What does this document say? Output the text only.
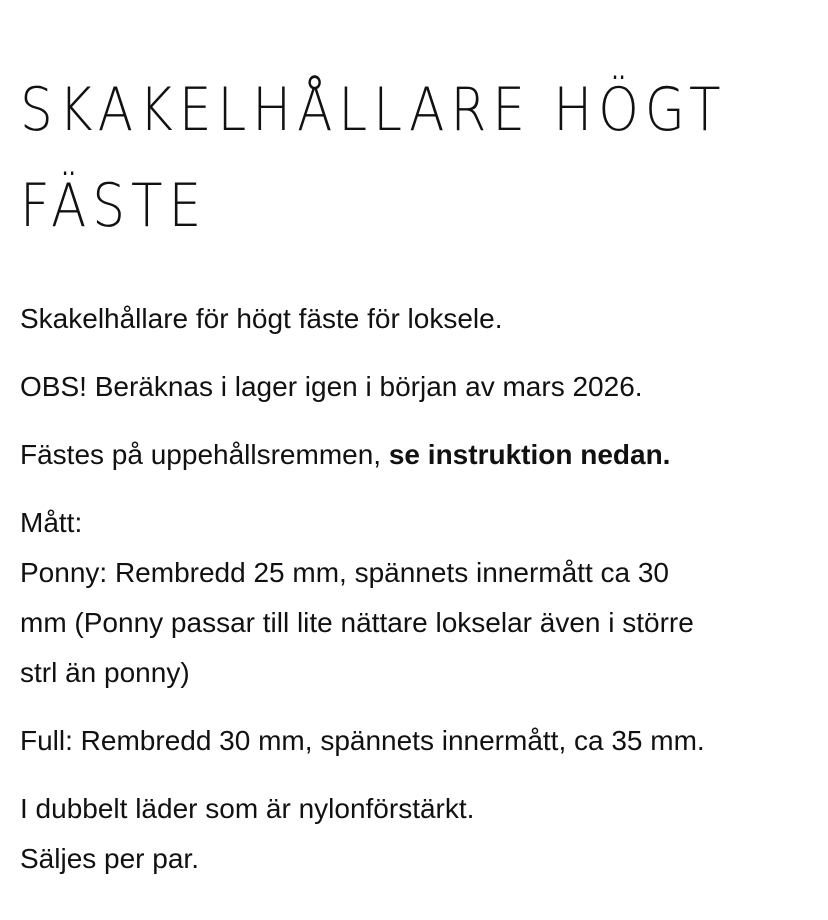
SKAKELHÅLLARE HÖGT
FÄSTE

Skakelhållare för högt fäste för loksele.

OBS! Beräknas i lager igen i början av mars 2026.

Fästes på uppehållsremmen, se instruktion nedan.

Mått:
Ponny: Rembredd 25 mm, spännets innermått ca 30
mm (Ponny passar till lite nättare lokselar även i större
strl än ponny)

Full: Rembredd 30 mm, spännets innermått, ca 35 mm.

I dubbelt läder som är nylonförstärkt.
Säljes per par.
